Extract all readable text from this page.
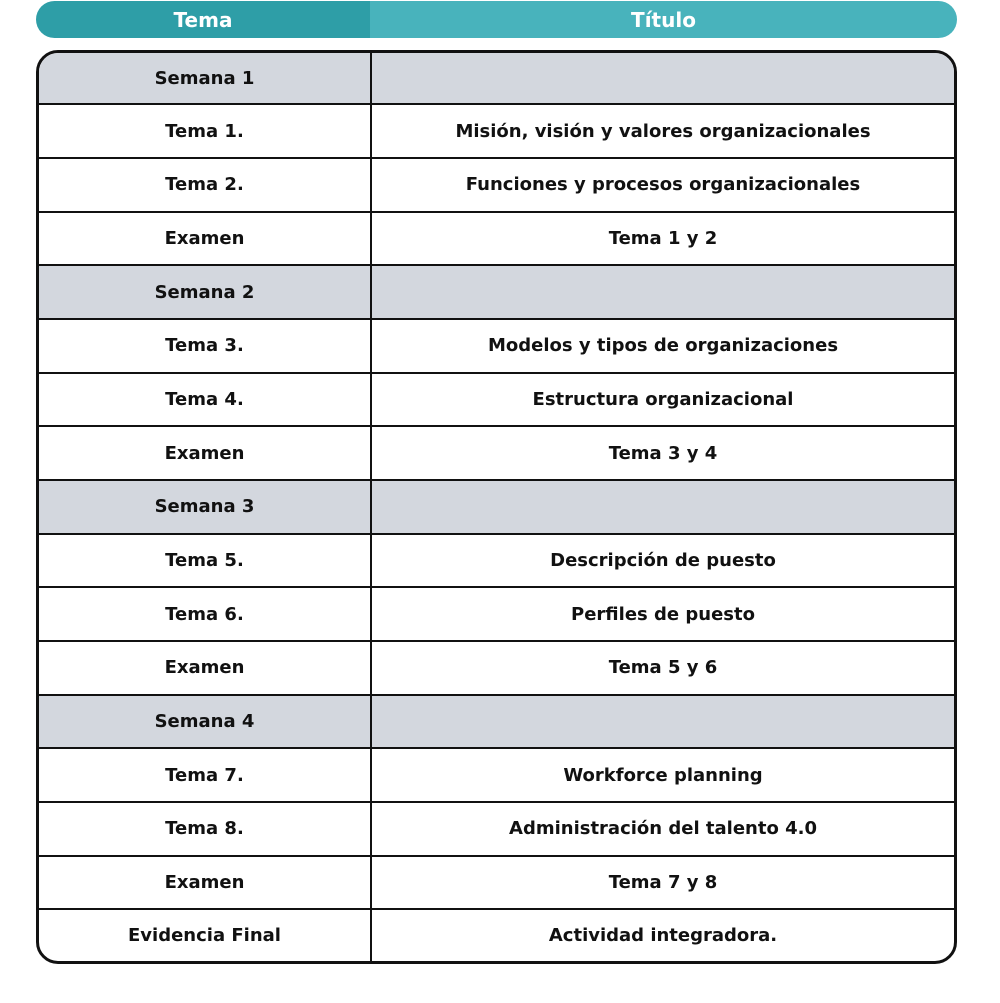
Tema	Título
Semana 1	
Tema 1.	Misión, visión y valores organizacionales
Tema 2.	Funciones y procesos organizacionales
Examen	Tema 1 y 2
Semana 2	
Tema 3.	Modelos y tipos de organizaciones
Tema 4.	Estructura organizacional
Examen	Tema 3 y 4
Semana 3	
Tema 5.	Descripción de puesto
Tema 6.	Perfiles de puesto
Examen	Tema 5 y 6
Semana 4	
Tema 7.	Workforce planning
Tema 8.	Administración del talento 4.0
Examen	Tema 7 y 8
Evidencia Final	Actividad integradora.
